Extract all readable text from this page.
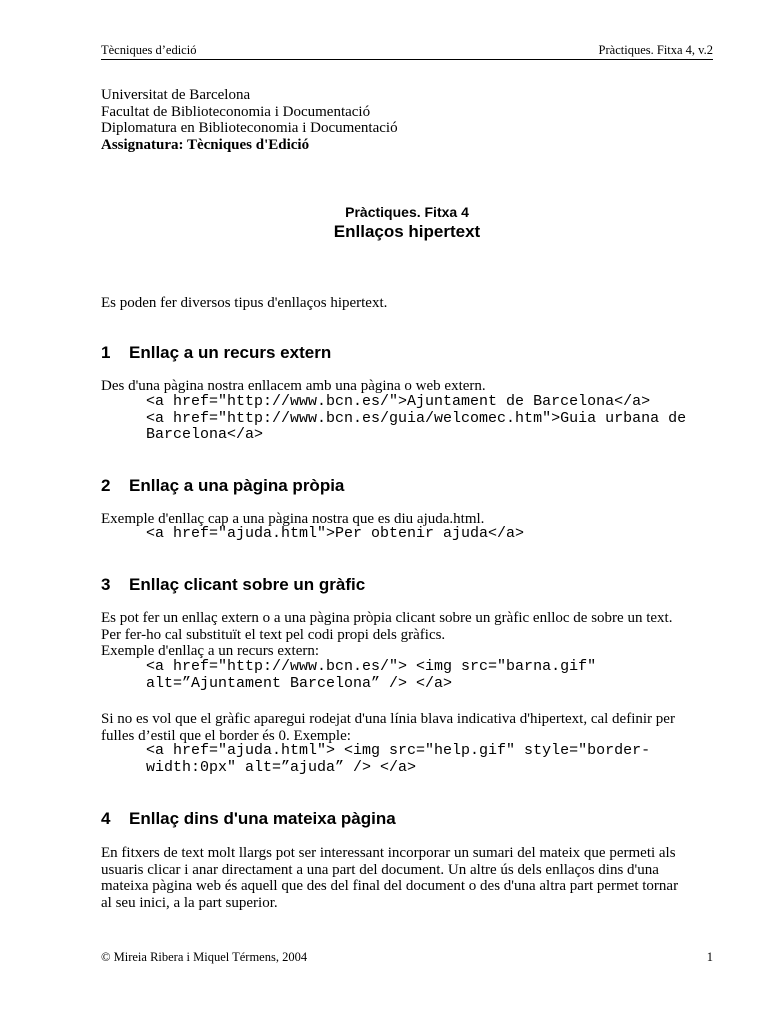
Tècniques d’edició	Pràctiques. Fitxa 4, v.2
Universitat de Barcelona
Facultat de Biblioteconomia i Documentació
Diplomatura en Biblioteconomia i Documentació
Assignatura: Tècniques d'Edició
Pràctiques. Fitxa 4
Enllaços hipertext
Es poden fer diversos tipus d'enllaços hipertext.
1 Enllaç a un recurs extern
Des d'una pàgina nostra enllacem amb una pàgina o web extern.
<a href="http://www.bcn.es/">Ajuntament de Barcelona</a>
<a href="http://www.bcn.es/guia/welcomec.htm">Guia urbana de
Barcelona</a>
2 Enllaç a una pàgina pròpia
Exemple d'enllaç cap a una pàgina nostra que es diu ajuda.html.
<a href="ajuda.html">Per obtenir ajuda</a>
3 Enllaç clicant sobre un gràfic
Es pot fer un enllaç extern o a una pàgina pròpia clicant sobre un gràfic enlloc de sobre un text.
Per fer-ho cal substituït el text pel codi propi dels gràfics.
Exemple d'enllaç a un recurs extern:
<a href="http://www.bcn.es/"> <img src="barna.gif"
alt=”Ajuntament Barcelona” /> </a>
Si no es vol que el gràfic aparegui rodejat d'una línia blava indicativa d'hipertext, cal definir per
fulles d’estil que el border és 0. Exemple:
<a href="ajuda.html"> <img src="help.gif" style="border-
width:0px" alt=”ajuda” /> </a>
4 Enllaç dins d'una mateixa pàgina
En fitxers de text molt llargs pot ser interessant incorporar un sumari del mateix que permeti als
usuaris clicar i anar directament a una part del document. Un altre ús dels enllaços dins d'una
mateixa pàgina web és aquell que des del final del document o des d'una altra part permet tornar
al seu inici, a la part superior.
© Mireia Ribera i Miquel Térmens, 2004	1
